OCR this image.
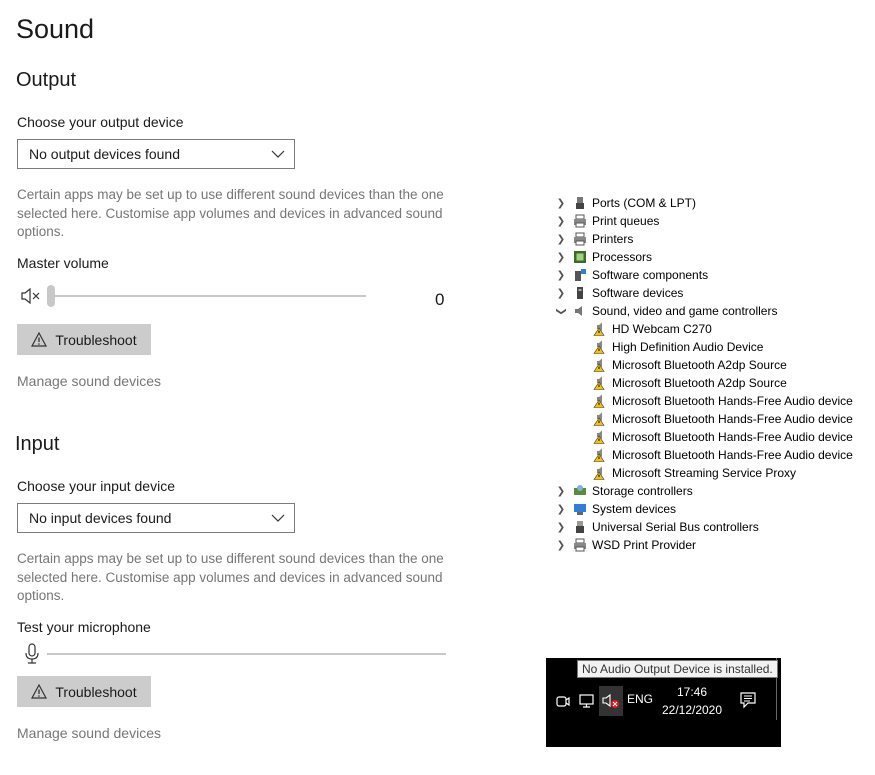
Sound
Output
Choose your output device
No output devices found
Certain apps may be set up to use different sound devices than the one selected here. Customise app volumes and devices in advanced sound options.
Master volume
0
Troubleshoot
Manage sound devices
Input
Choose your input device
No input devices found
Certain apps may be set up to use different sound devices than the one selected here. Customise app volumes and devices in advanced sound options.
Test your microphone
Troubleshoot
Manage sound devices
❯ Ports (COM & LPT)
❯ Print queues
❯ Printers
❯ Processors
❯ Software components
❯ Software devices
❯ Sound, video and game controllers
HD Webcam C270
High Definition Audio Device
Microsoft Bluetooth A2dp Source
Microsoft Bluetooth A2dp Source
Microsoft Bluetooth Hands-Free Audio device
Microsoft Bluetooth Hands-Free Audio device
Microsoft Bluetooth Hands-Free Audio device
Microsoft Bluetooth Hands-Free Audio device
Microsoft Streaming Service Proxy
❯ Storage controllers
❯ System devices
❯ Universal Serial Bus controllers
❯ WSD Print Provider
ENG	17:46
22/12/2020
No Audio Output Device is installed.
